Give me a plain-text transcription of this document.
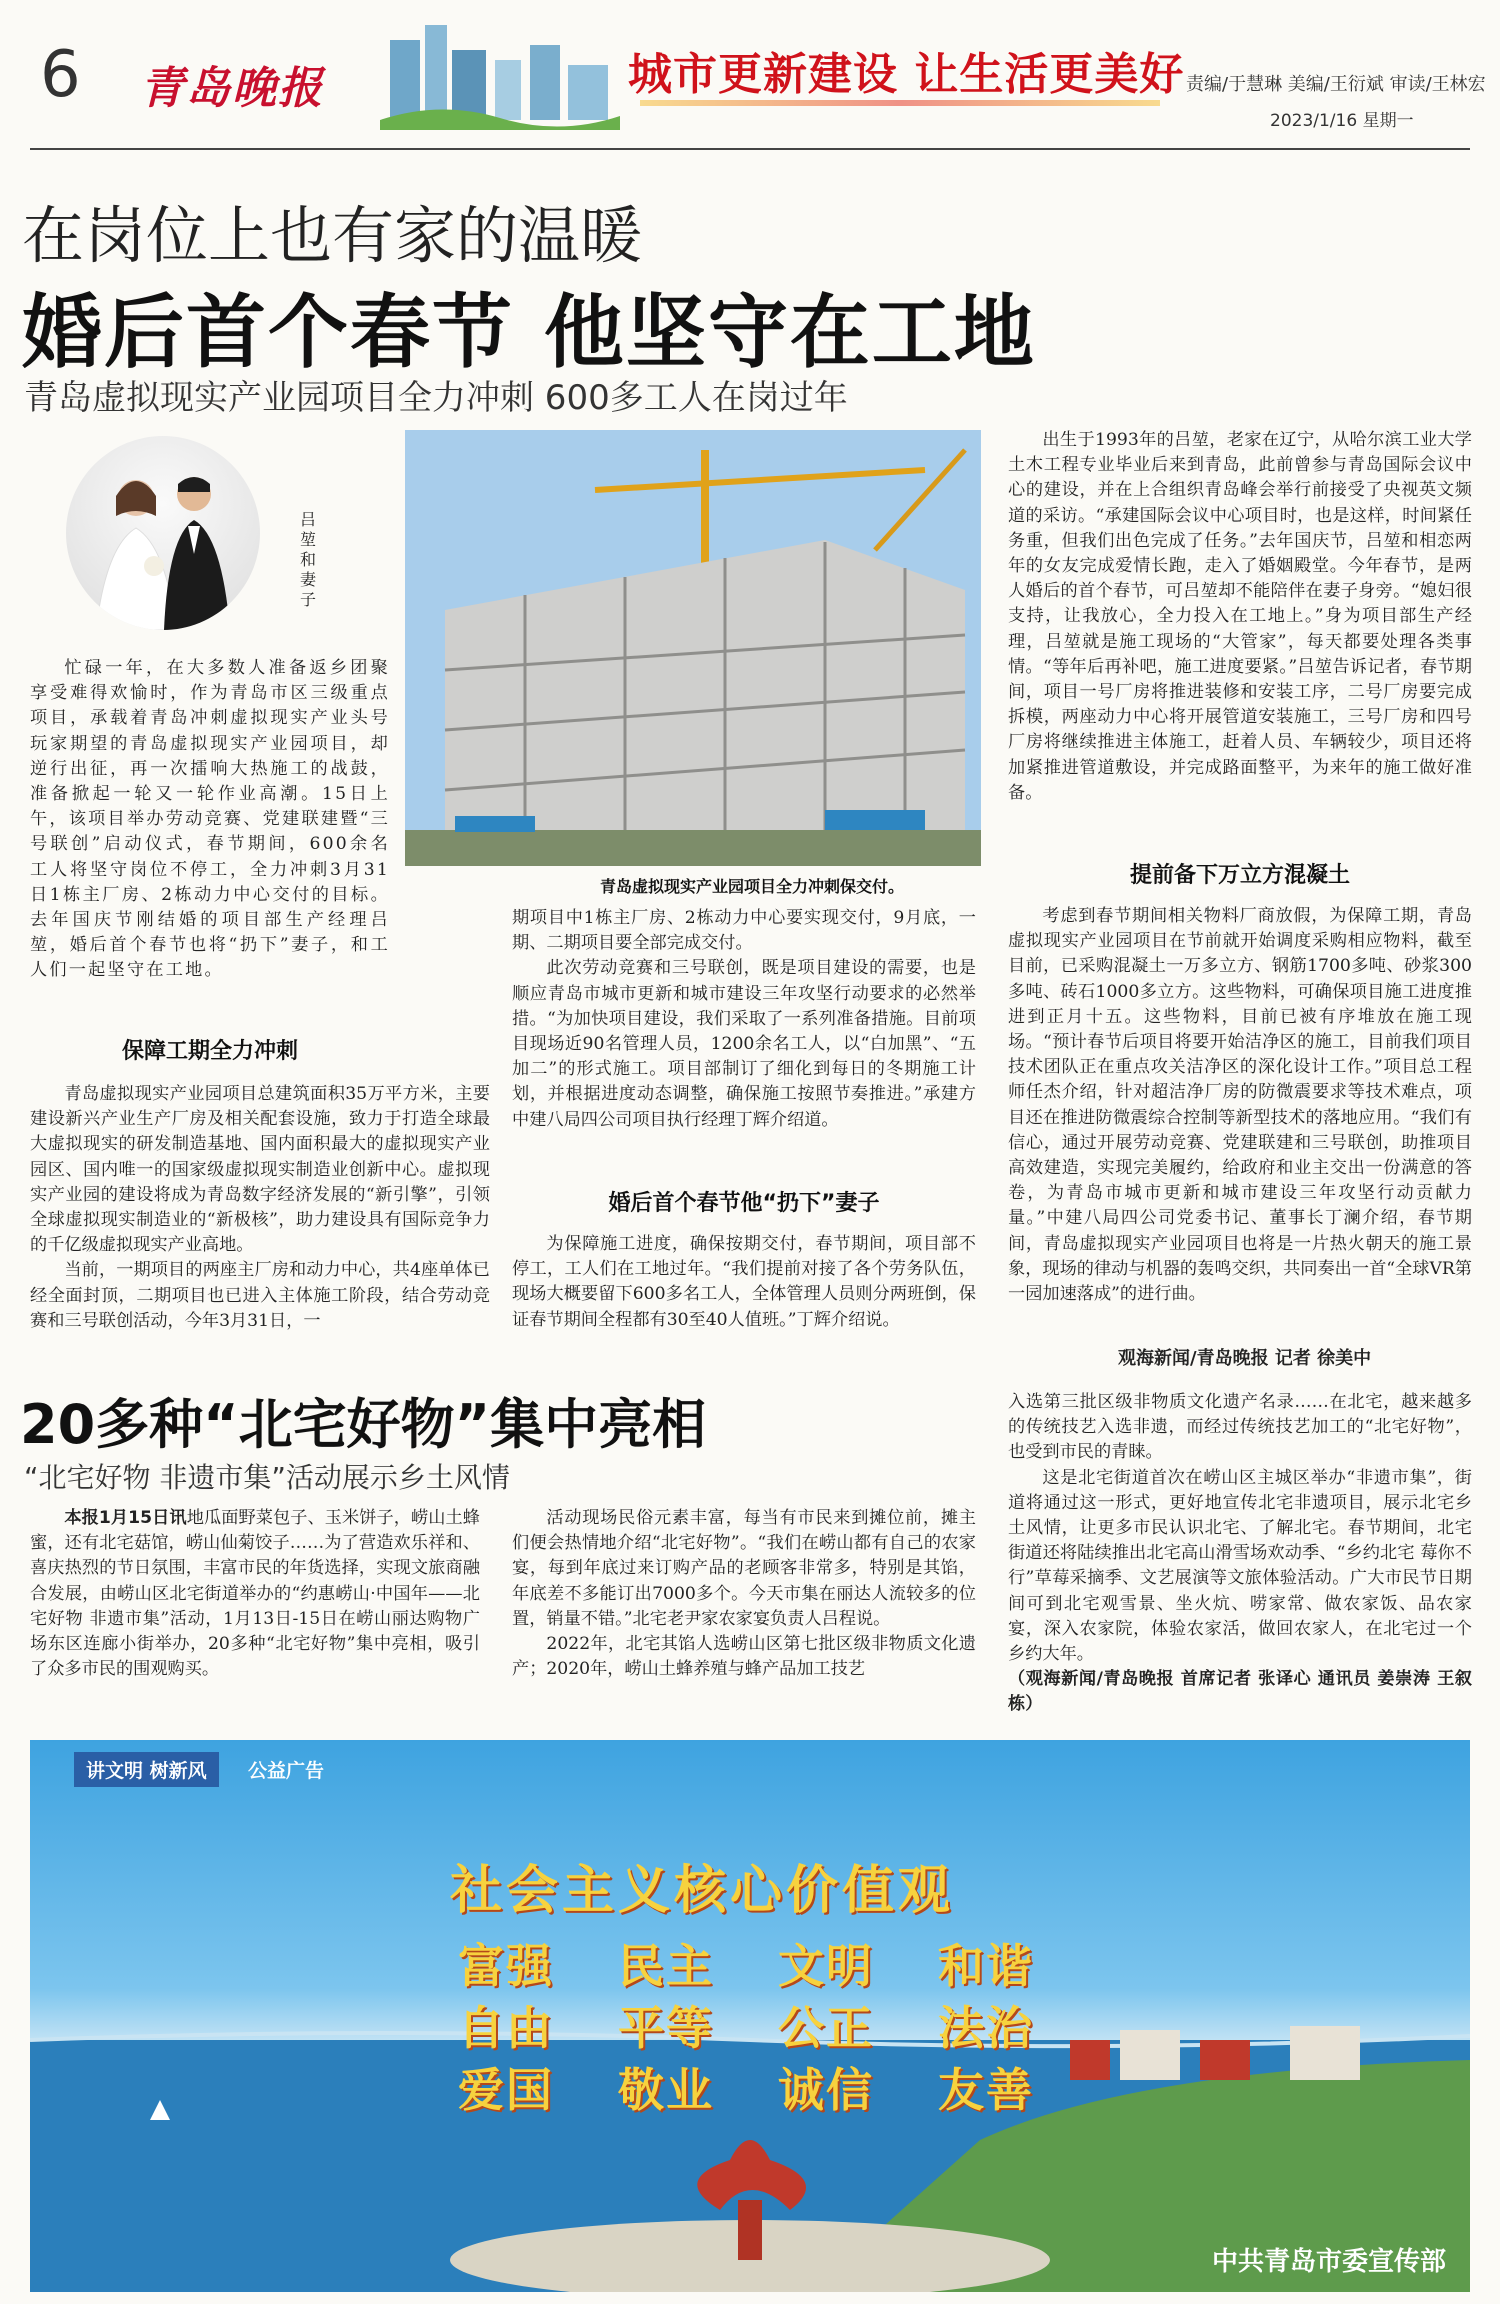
6 青岛晚报	城市更新建设 让生活更美好 责编/于慧琳 美编/王衍斌 审读/王林宏
2023/1/16 星期一
在岗位上也有家的温暖
婚后首个春节 他坚守在工地
青岛虚拟现实产业园项目全力冲刺 600多工人在岗过年
吕堃和妻子
青岛虚拟现实产业园项目全力冲刺保交付。

忙碌一年，在大多数人准备返乡团聚享受难得欢愉时，作为青岛市区三级重点项目，承载着青岛冲刺虚拟现实产业头号玩家期望的青岛虚拟现实产业园项目，却逆行出征，再一次擂响大热施工的战鼓，准备掀起一轮又一轮作业高潮。15日上午，该项目举办劳动竞赛、党建联建暨“三号联创”启动仪式，春节期间，600余名工人将坚守岗位不停工，全力冲刺3月31日1栋主厂房、2栋动力中心交付的目标。去年国庆节刚结婚的项目部生产经理吕堃，婚后首个春节也将“扔下”妻子，和工人们一起坚守在工地。

保障工期全力冲刺

青岛虚拟现实产业园项目总建筑面积35万平方米，主要建设新兴产业生产厂房及相关配套设施，致力于打造全球最大虚拟现实的研发制造基地、国内面积最大的虚拟现实产业园区、国内唯一的国家级虚拟现实制造业创新中心。虚拟现实产业园的建设将成为青岛数字经济发展的“新引擎”，引领全球虚拟现实制造业的“新极核”，助力建设具有国际竞争力的千亿级虚拟现实产业高地。

当前，一期项目的两座主厂房和动力中心，共4座单体已经全面封顶，二期项目也已进入主体施工阶段，结合劳动竞赛和三号联创活动，今年3月31日，一

期项目中1栋主厂房、2栋动力中心要实现交付，9月底，一期、二期项目要全部完成交付。

此次劳动竞赛和三号联创，既是项目建设的需要，也是顺应青岛市城市更新和城市建设三年攻坚行动要求的必然举措。“为加快项目建设，我们采取了一系列准备措施。目前项目现场近90名管理人员，1200余名工人，以“白加黑”、“五加二”的形式施工。项目部制订了细化到每日的冬期施工计划，并根据进度动态调整，确保施工按照节奏推进。”承建方中建八局四公司项目执行经理丁辉介绍道。

婚后首个春节他“扔下”妻子

为保障施工进度，确保按期交付，春节期间，项目部不停工，工人们在工地过年。“我们提前对接了各个劳务队伍，现场大概要留下600多名工人，全体管理人员则分两班倒，保证春节期间全程都有30至40人值班。”丁辉介绍说。

出生于1993年的吕堃，老家在辽宁，从哈尔滨工业大学土木工程专业毕业后来到青岛，此前曾参与青岛国际会议中心的建设，并在上合组织青岛峰会举行前接受了央视英文频道的采访。“承建国际会议中心项目时，也是这样，时间紧任务重，但我们出色完成了任务。”去年国庆节，吕堃和相恋两年的女友完成爱情长跑，走入了婚姻殿堂。今年春节，是两人婚后的首个春节，可吕堃却不能陪伴在妻子身旁。“媳妇很支持，让我放心，全力投入在工地上。”身为项目部生产经理，吕堃就是施工现场的“大管家”，每天都要处理各类事情。“等年后再补吧，施工进度要紧。”吕堃告诉记者，春节期间，项目一号厂房将推进装修和安装工序，二号厂房要完成拆模，两座动力中心将开展管道安装施工，三号厂房和四号厂房将继续推进主体施工，赶着人员、车辆较少，项目还将加紧推进管道敷设，并完成路面整平，为来年的施工做好准备。

提前备下万立方混凝土

考虑到春节期间相关物料厂商放假，为保障工期，青岛虚拟现实产业园项目在节前就开始调度采购相应物料，截至目前，已采购混凝土一万多立方、钢筋1700多吨、砂浆300多吨、砖石1000多立方。这些物料，可确保项目施工进度推进到正月十五。这些物料，目前已被有序堆放在施工现场。“预计春节后项目将要开始洁净区的施工，目前我们项目技术团队正在重点攻关洁净区的深化设计工作。”项目总工程师任杰介绍，针对超洁净厂房的防微震要求等技术难点，项目还在推进防微震综合控制等新型技术的落地应用。“我们有信心，通过开展劳动竞赛、党建联建和三号联创，助推项目高效建造，实现完美履约，给政府和业主交出一份满意的答卷，为青岛市城市更新和城市建设三年攻坚行动贡献力量。”中建八局四公司党委书记、董事长丁澜介绍，春节期间，青岛虚拟现实产业园项目也将是一片热火朝天的施工景象，现场的律动与机器的轰鸣交织，共同奏出一首“全球VR第一园加速落成”的进行曲。

观海新闻/青岛晚报 记者 徐美中
20多种“北宅好物”集中亮相
“北宅好物 非遗市集”活动展示乡土风情

本报1月15日讯地瓜面野菜包子、玉米饼子，崂山土蜂蜜，还有北宅菇馆，崂山仙菊饺子……为了营造欢乐祥和、喜庆热烈的节日氛围，丰富市民的年货选择，实现文旅商融合发展，由崂山区北宅街道举办的“约惠崂山·中国年——北宅好物 非遗市集”活动，1月13日-15日在崂山丽达购物广场东区连廊小街举办，20多种“北宅好物”集中亮相，吸引了众多市民的围观购买。

活动现场民俗元素丰富，每当有市民来到摊位前，摊主们便会热情地介绍“北宅好物”。“我们在崂山都有自己的农家宴，每到年底过来订购产品的老顾客非常多，特别是其馅，年底差不多能订出7000多个。今天市集在丽达人流较多的位置，销量不错。”北宅老尹家农家宴负责人吕程说。

2022年，北宅其馅人选崂山区第七批区级非物质文化遗产；2020年，崂山土蜂养殖与蜂产品加工技艺

入选第三批区级非物质文化遗产名录……在北宅，越来越多的传统技艺入选非遗，而经过传统技艺加工的“北宅好物”，也受到市民的青睐。

这是北宅街道首次在崂山区主城区举办“非遗市集”，街道将通过这一形式，更好地宣传北宅非遗项目，展示北宅乡土风情，让更多市民认识北宅、了解北宅。春节期间，北宅街道还将陆续推出北宅高山滑雪场欢动季、“乡约北宅 莓你不行”草莓采摘季、文艺展演等文旅体验活动。广大市民节日期间可到北宅观雪景、坐火炕、唠家常、做农家饭、品农家宴，深入农家院，体验农家活，做回农家人，在北宅过一个乡约大年。

（观海新闻/青岛晚报 首席记者 张译心 通讯员 姜崇涛 王叙栋）

讲文明 树新风	公益广告
社会主义核心价值观
富强 民主 文明 和谐
自由 平等 公正 法治
爱国 敬业 诚信 友善
中共青岛市委宣传部
